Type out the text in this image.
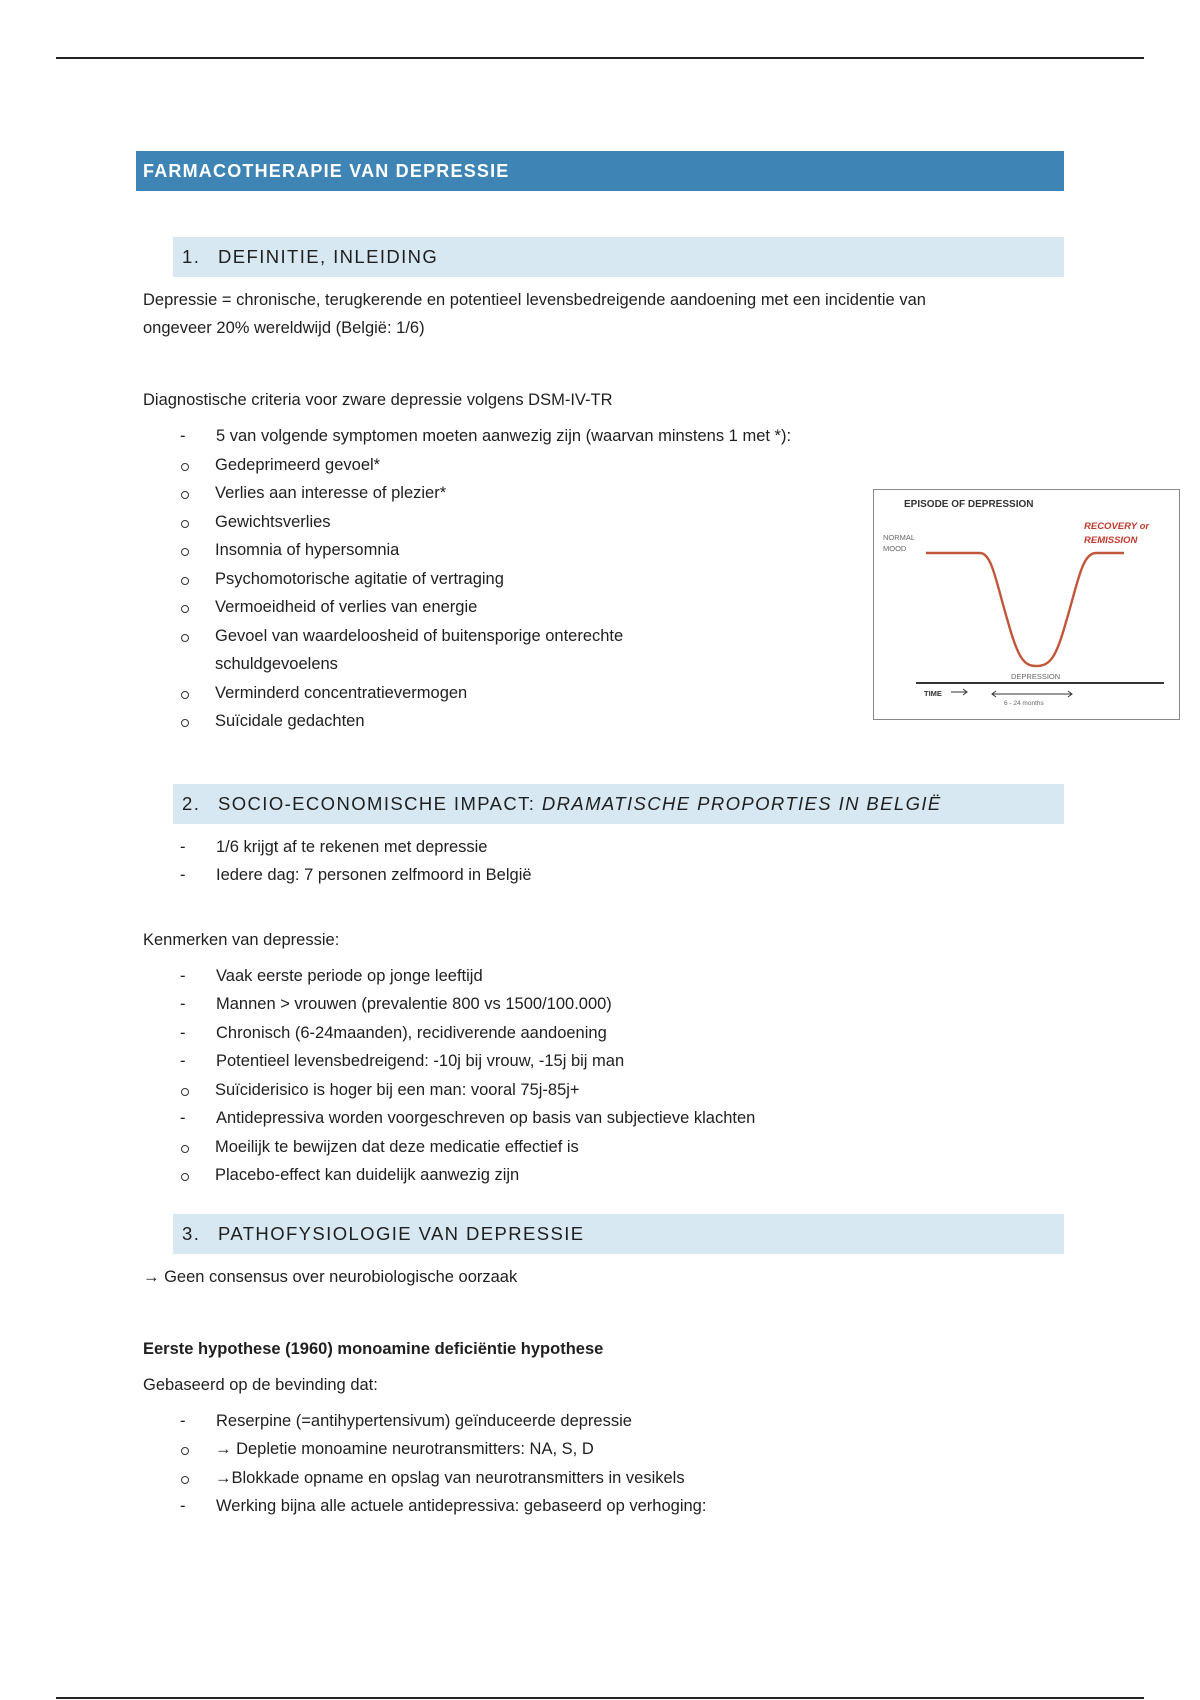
FARMACOTHERAPIE VAN DEPRESSIE
1. DEFINITIE, INLEIDING

Depressie = chronische, terugkerende en potentieel levensbedreigende aandoening met een incidentie van

ongeveer 20% wereldwijd (België: 1/6)

Diagnostische criteria voor zware depressie volgens DSM-IV-TR

- 5 van volgende symptomen moeten aanwezig zijn (waarvan minstens 1 met *):
Gedeprimeerd gevoel*
Verlies aan interesse of plezier*
Gewichtsverlies
Insomnia of hypersomnia
Psychomotorische agitatie of vertraging
Vermoeidheid of verlies van energie
Gevoel van waardeloosheid of buitensporige onterechte
schuldgevoelens
Verminderd concentratievermogen
Suïcidale gedachten
2. SOCIO-ECONOMISCHE IMPACT: DRAMATISCHE PROPORTIES IN BELGIË
- 1/6 krijgt af te rekenen met depressie
- Iedere dag: 7 personen zelfmoord in België

Kenmerken van depressie:

- Vaak eerste periode op jonge leeftijd
- Mannen > vrouwen (prevalentie 800 vs 1500/100.000)
- Chronisch (6-24maanden), recidiverende aandoening
- Potentieel levensbedreigend: -10j bij vrouw, -15j bij man
Suïciderisico is hoger bij een man: vooral 75j-85j+
- Antidepressiva worden voorgeschreven op basis van subjectieve klachten
Moeilijk te bewijzen dat deze medicatie effectief is
Placebo-effect kan duidelijk aanwezig zijn
3. PATHOFYSIOLOGIE VAN DEPRESSIE

→ Geen consensus over neurobiologische oorzaak

Eerste hypothese (1960) monoamine deficiëntie hypothese

Gebaseerd op de bevinding dat:

- Reserpine (=antihypertensivum) geïnduceerde depressie
→ Depletie monoamine neurotransmitters: NA, S, D
→Blokkade opname en opslag van neurotransmitters in vesikels
- Werking bijna alle actuele antidepressiva: gebaseerd op verhoging:
EPISODE OF DEPRESSION
NORMAL
MOOD
RECOVERY or
REMISSION
DEPRESSION
TIME
6 - 24 months
